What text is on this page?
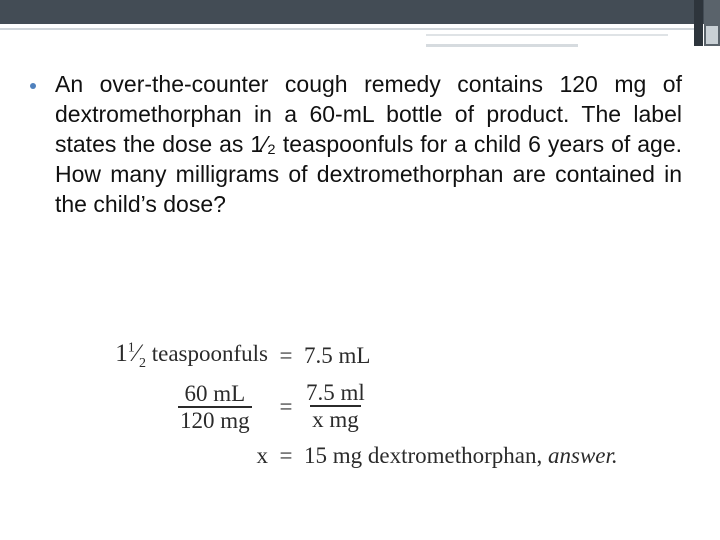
An over-the-counter cough remedy contains 120 mg of dextromethorphan in a 60-mL bottle of product. The label states the dose as 1⁄₂ teaspoonfuls for a child 6 years of age. How many milligrams of dextromethorphan are contained in the child’s dose?

$1^1⁄_2$ teaspoonfuls = 7.5 mL
$\frac{60 mL}{120 mg}$	= $\frac{7.5 ml}{\text{x mg}}$
x = 15 mg dextromethorphan, answer.
